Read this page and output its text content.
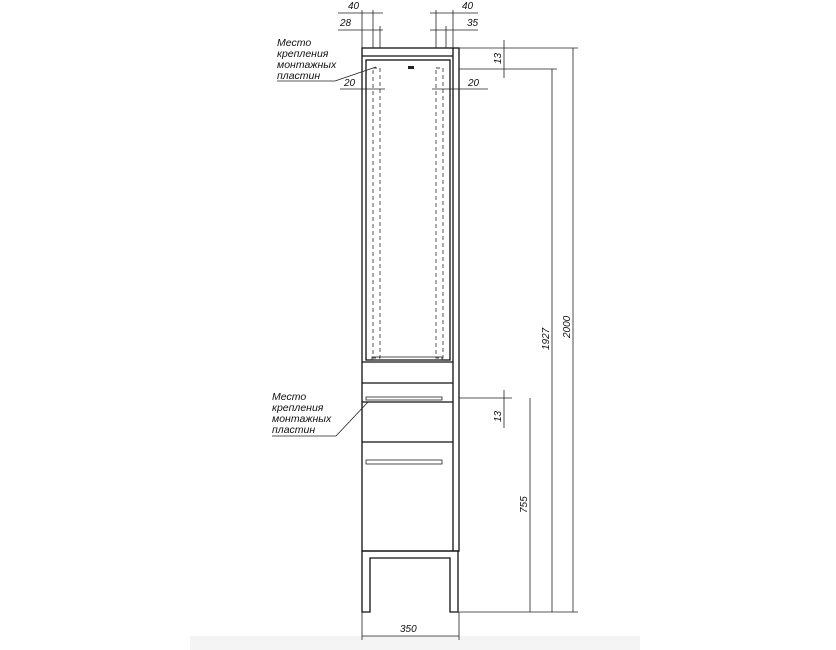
40
28
40
35
20	20
13
13
755
1927
2000
350
Место
крепления
монтажных
пластин
Место
крепления
монтажных
пластин
